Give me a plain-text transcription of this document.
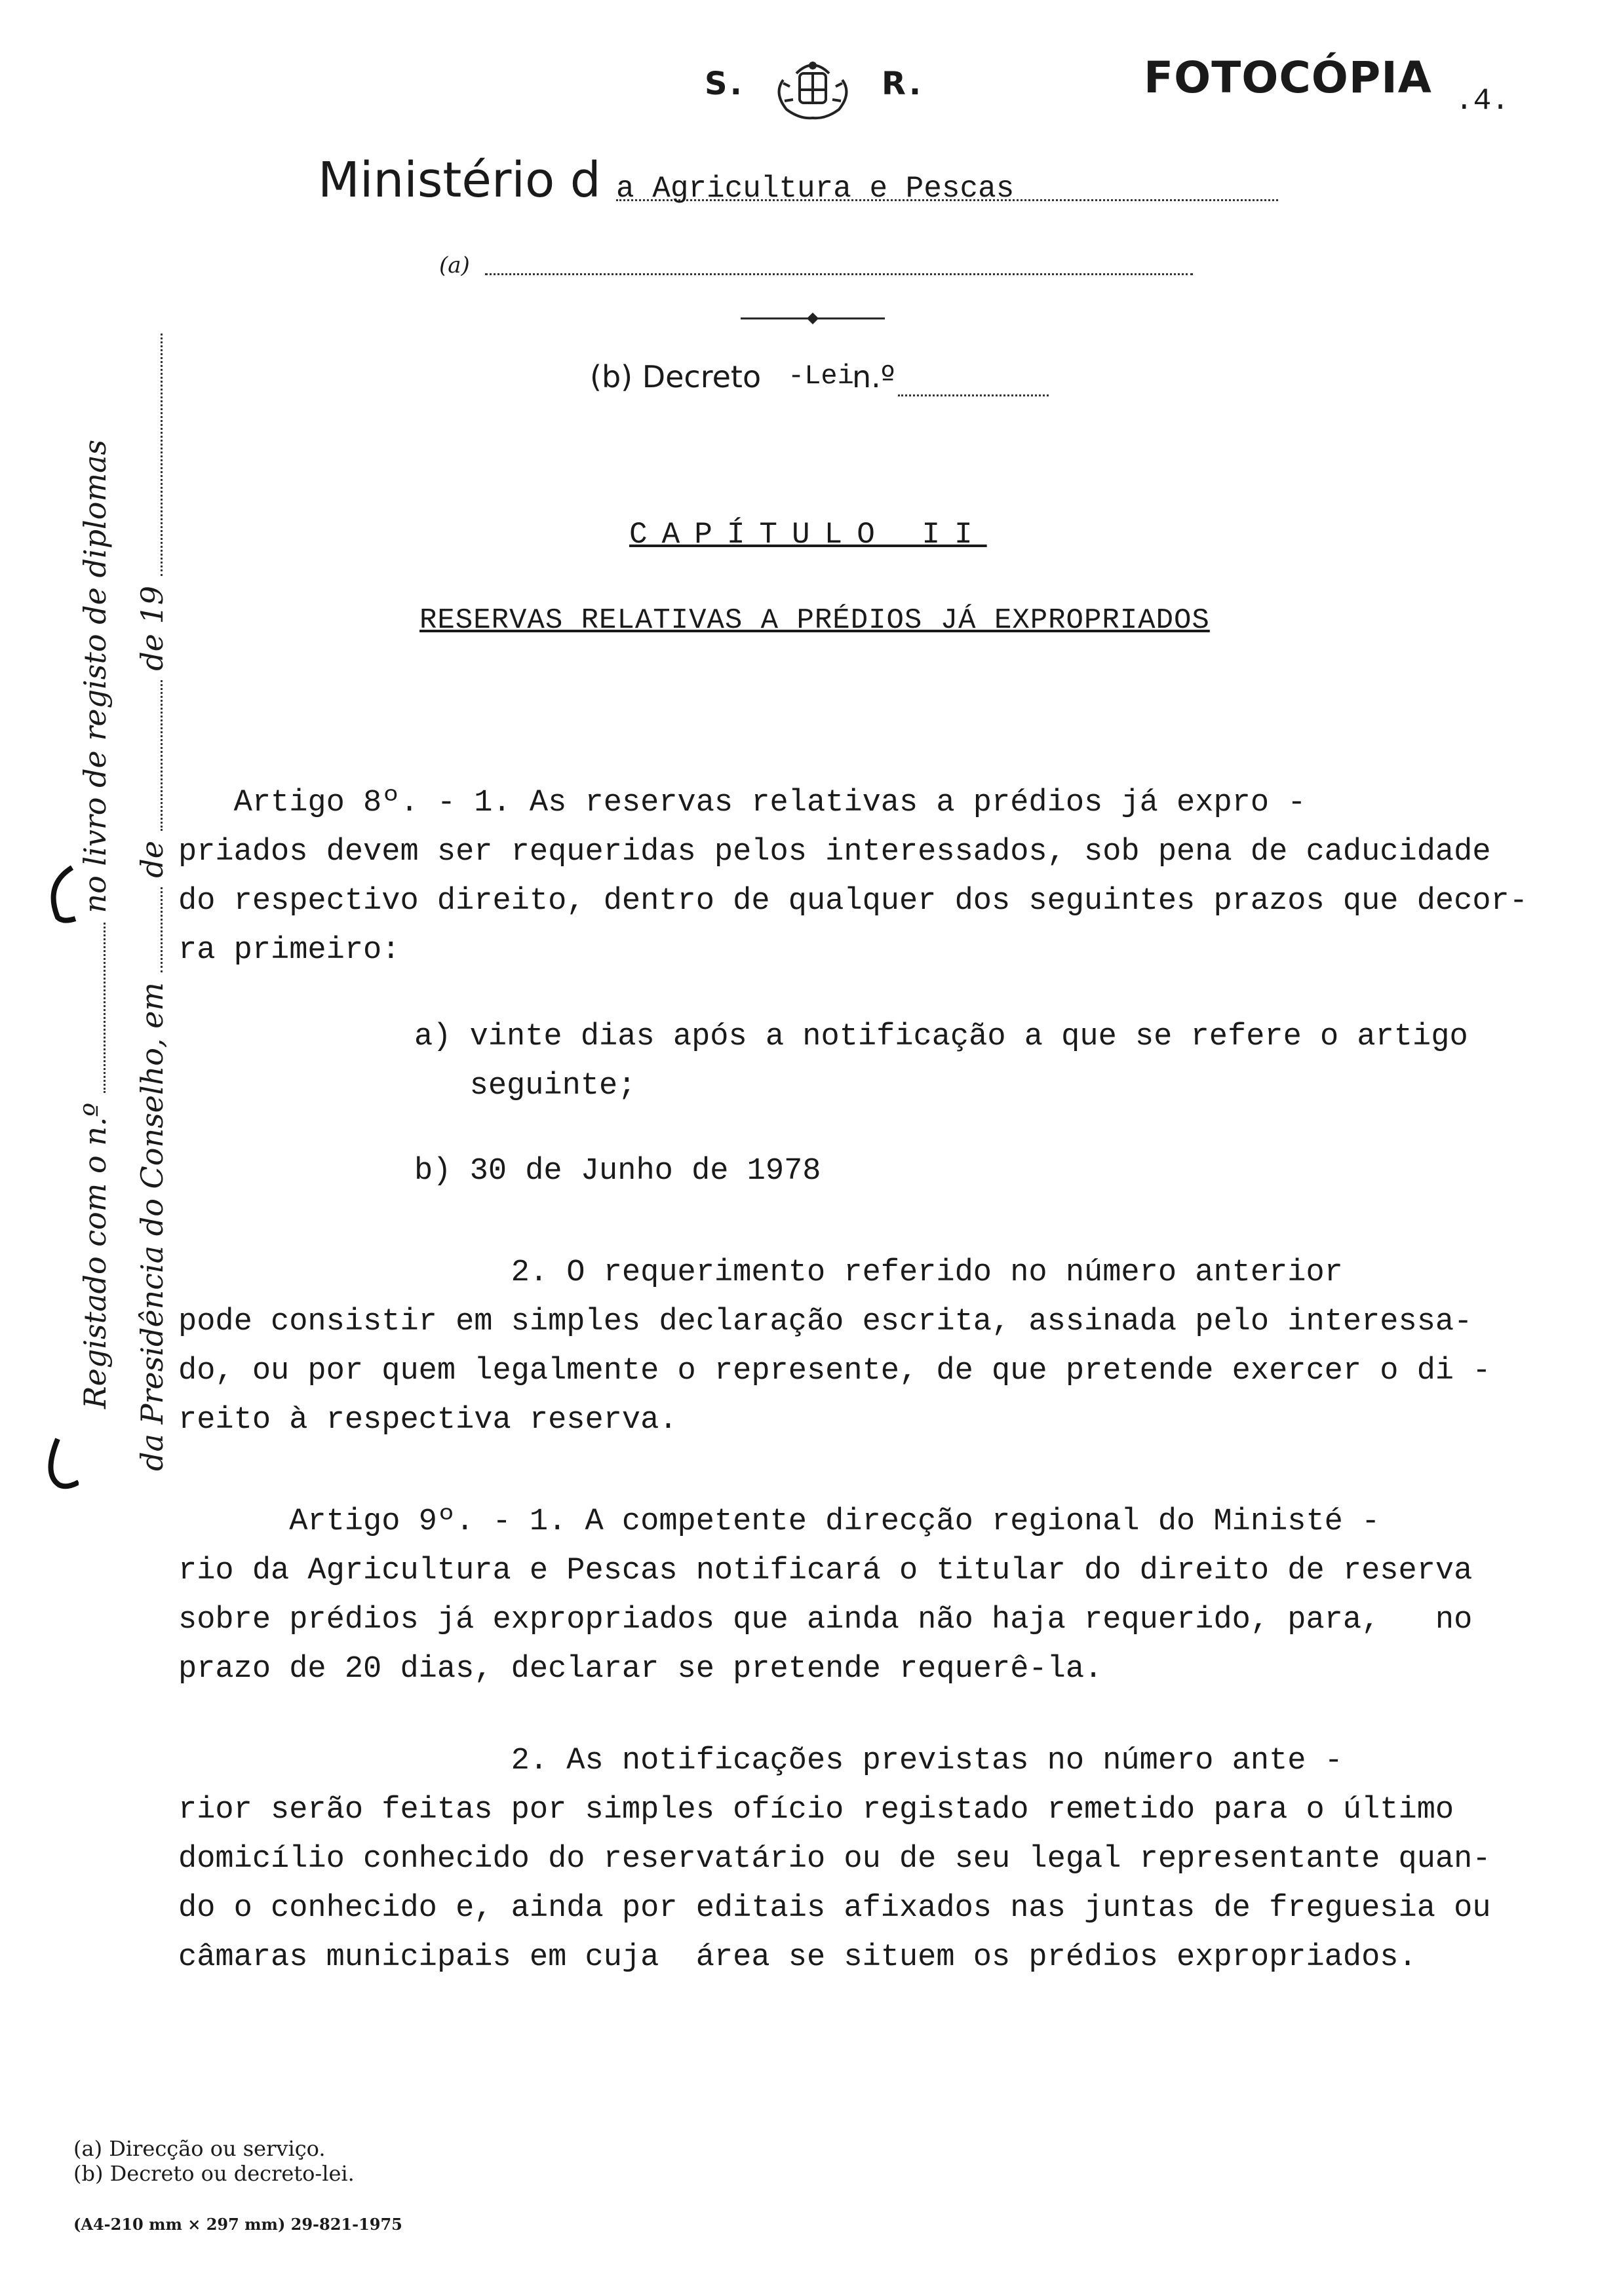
S.	R.	FOTOCÓPIA .4.
Ministério d a Agricultura e Pescas
(a)
(b) Decreto -Lei
n.º
CAPÍTULO II
RESERVAS RELATIVAS A PRÉDIOS JÁ EXPROPRIADOS

Artigo 8º. - 1. As reservas relativas a prédios já expro -

priados devem ser requeridas pelos interessados, sob pena de caducidade

do respectivo direito, dentro de qualquer dos seguintes prazos que decor-

ra primeiro:

a) vinte dias após a notificação a que se refere o artigo

seguinte;

b) 30 de Junho de 1978

2. O requerimento referido no número anterior

pode consistir em simples declaração escrita, assinada pelo interessa-

do, ou por quem legalmente o represente, de que pretende exercer o di -

reito à respectiva reserva.

Artigo 9º. - 1. A competente direcção regional do Ministé -

rio da Agricultura e Pescas notificará o titular do direito de reserva

sobre prédios já expropriados que ainda não haja requerido, para,   no

prazo de 20 dias, declarar se pretende requerê-la.

2. As notificações previstas no número ante -

rior serão feitas por simples ofício registado remetido para o último

domicílio conhecido do reservatário ou de seu legal representante quan-

do o conhecido e, ainda por editais afixados nas juntas de freguesia ou

câmaras municipais em cuja  área se situem os prédios expropriados.

Registado com o n.º  no livro de registo de diplomas
da Presidência do Conselho, em  de  de 19
(a) Direcção ou serviço.
(b) Decreto ou decreto-lei.
(A4-210 mm × 297 mm) 29-821-1975
